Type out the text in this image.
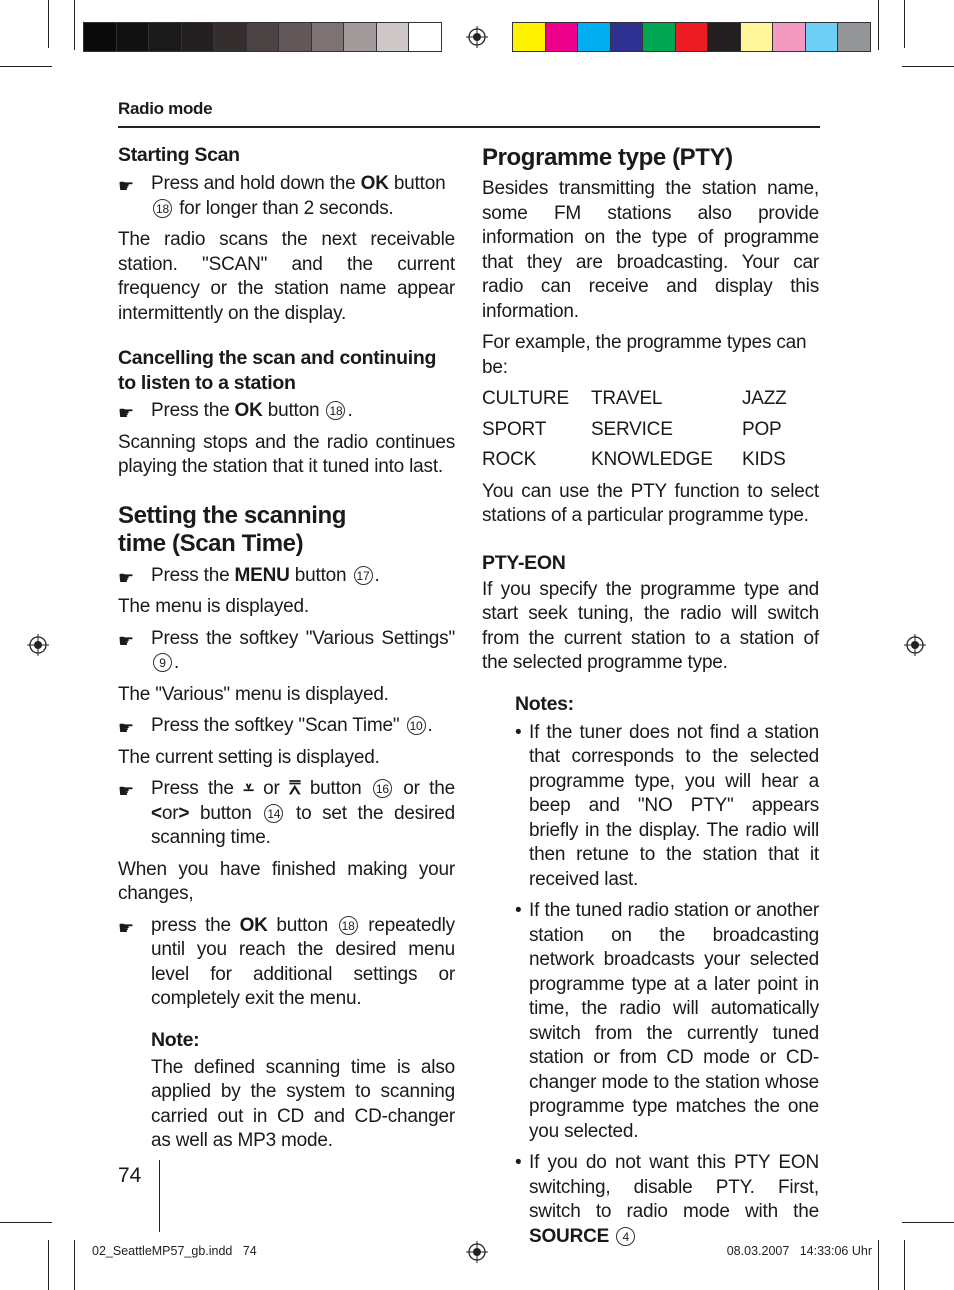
Radio mode
Starting Scan
☛ Press and hold down the OK button 18 for longer than 2 seconds.

The radio scans the next receivable station. "SCAN" and the current frequency or the station name appear intermittently on the display.

Cancelling the scan and continuing to listen to a station
☛ Press the OK button 18 .

Scanning stops and the radio continues playing the station that it tuned into last.

Setting the scanning time (Scan Time)
☛ Press the MENU button 17 .

The menu is displayed.

☛ Press the softkey "Various Settings" 9 .

The "Various" menu is displayed.

☛ Press the softkey "Scan Time" 10 .

The current setting is displayed.

☛ Press the ⩡ or ⩞ button 16 or the <or> button 14 to set the desired scanning time.

When you have finished making your changes,

☛ press the OK button 18 repeatedly until you reach the desired menu level for additional settings or completely exit the menu.
Note:

The defined scanning time is also applied by the system to scanning carried out in CD and CD-changer as well as MP3 mode.

Programme type (PTY)

Besides transmitting the station name, some FM stations also provide information on the type of programme that they are broadcasting. Your car radio can receive and display this information.

For example, the programme types can be:

CULTURE	TRAVEL	JAZZ
SPORT	SERVICE	POP
ROCK	KNOWLEDGE	KIDS

You can use the PTY function to select stations of a particular programme type.

PTY-EON

If you specify the programme type and start seek tuning, the radio will switch from the current station to a station of the selected programme type.

Notes:
• If the tuner does not find a station that corresponds to the selected programme type, you will hear a beep and "NO PTY" appears briefly in the display. The radio will then retune to the station that it received last.
• If the tuned radio station or another station on the broadcasting network broadcasts your selected programme type at a later point in time, the radio will automatically switch from the currently tuned station or from CD mode or CD-changer mode to the station whose programme type matches the one you selected.
• If you do not want this PTY EON switching, disable PTY. First, switch to radio mode with the SOURCE 4
74
02_SeattleMP57_gb.indd   74	08.03.2007   14:33:06 Uhr
